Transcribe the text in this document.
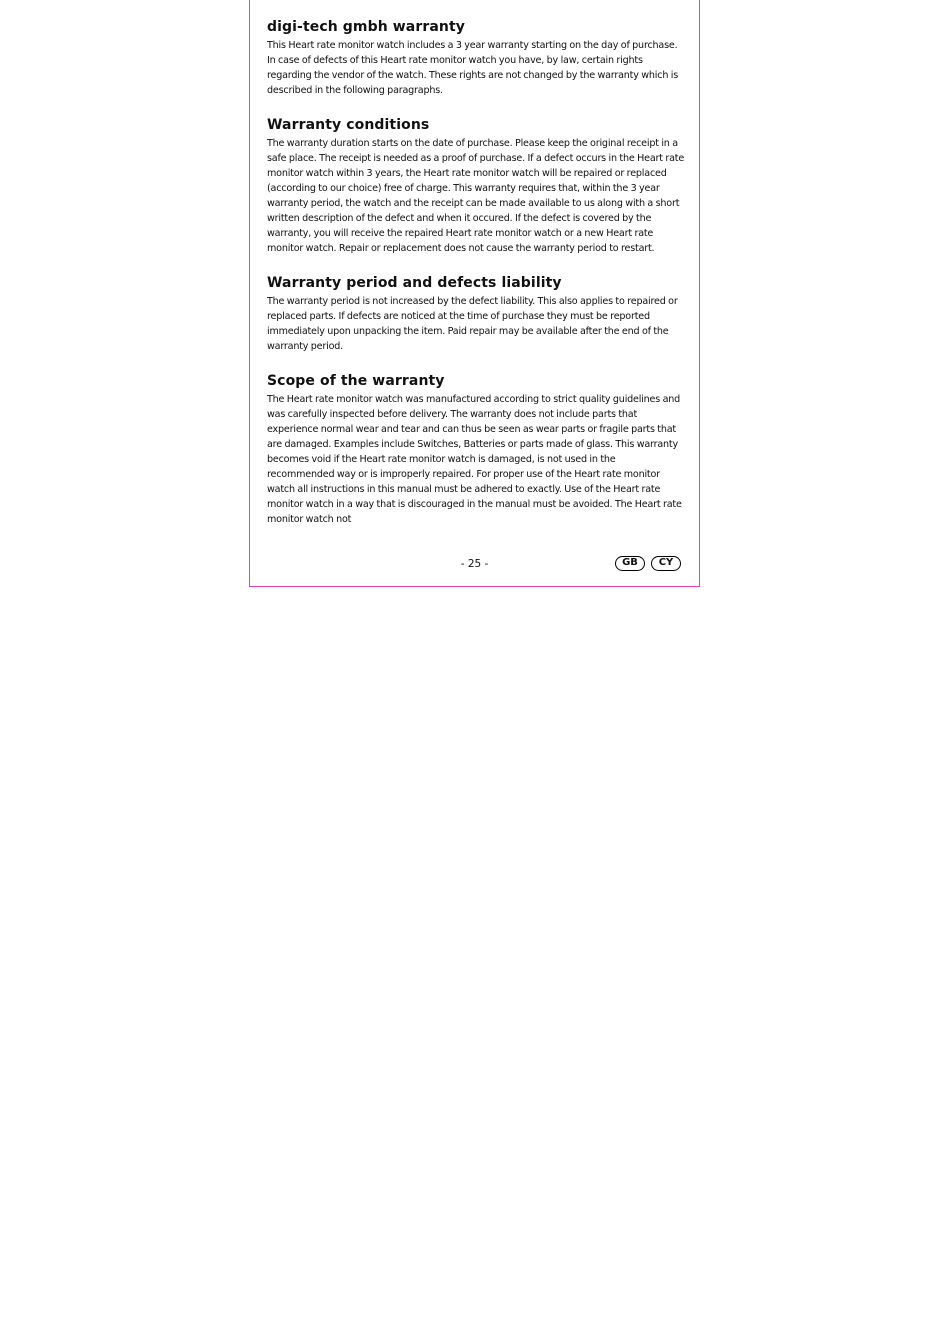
digi-tech gmbh warranty

This Heart rate monitor watch includes a 3 year warranty starting on the day of purchase. In case of defects of this Heart rate monitor watch you have, by law, certain rights regarding the vendor of the watch. These rights are not changed by the warranty which is described in the following paragraphs.

Warranty conditions

The warranty duration starts on the date of purchase. Please keep the original receipt in a safe place. The receipt is needed as a proof of purchase. If a defect occurs in the Heart rate monitor watch within 3 years, the Heart rate monitor watch will be repaired or replaced (according to our choice) free of charge. This warranty requires that, within the 3 year warranty period, the watch and the receipt can be made available to us along with a short written description of the defect and when it occured. If the defect is covered by the warranty, you will receive the repaired Heart rate monitor watch or a new Heart rate monitor watch. Repair or replacement does not cause the warranty period to restart.

Warranty period and defects liability

The warranty period is not increased by the defect liability. This also applies to repaired or replaced parts. If defects are noticed at the time of purchase they must be reported immediately upon unpacking the item. Paid repair may be available after the end of the warranty period.

Scope of the warranty

The Heart rate monitor watch was manufactured according to strict quality guidelines and was carefully inspected before delivery. The warranty does not include parts that experience normal wear and tear and can thus be seen as wear parts or fragile parts that are damaged. Examples include Switches, Batteries or parts made of glass. This warranty becomes void if the Heart rate monitor watch is damaged, is not used in the recommended way or is improperly repaired. For proper use of the Heart rate monitor watch all instructions in this manual must be adhered to exactly. Use of the Heart rate monitor watch in a way that is discouraged in the manual must be avoided. The Heart rate monitor watch not

- 25 -	GB	CY
